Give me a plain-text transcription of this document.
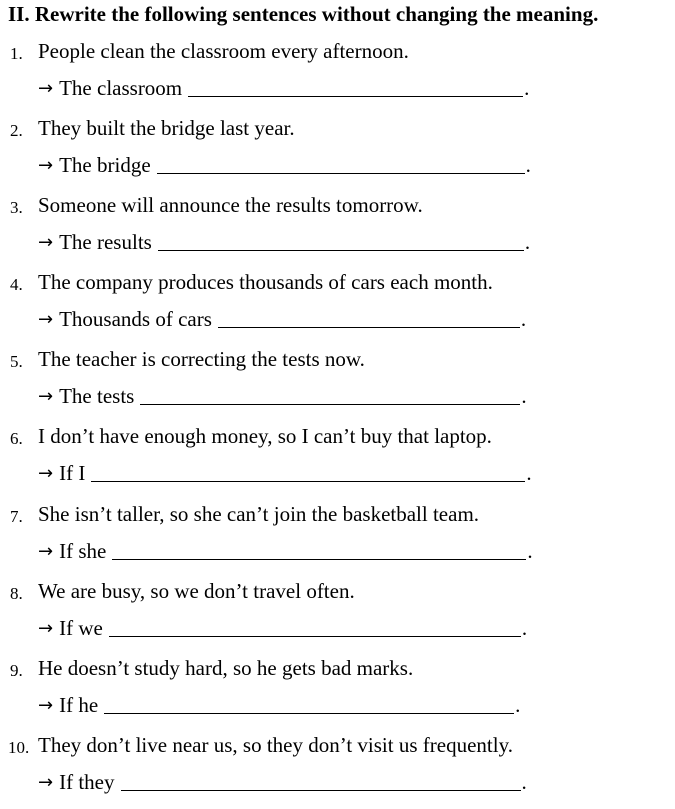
II. Rewrite the following sentences without changing the meaning.
1. People clean the classroom every afternoon.
→ The classroom	.
2. They built the bridge last year.
→ The bridge	.
3. Someone will announce the results tomorrow.
→ The results	.
4. The company produces thousands of cars each month.
→ Thousands of cars	.
5. The teacher is correcting the tests now.
→ The tests	.
6. I don’t have enough money, so I can’t buy that laptop.
→ If I	.
7. She isn’t taller, so she can’t join the basketball team.
→ If she	.
8. We are busy, so we don’t travel often.
→ If we	.
9. He doesn’t study hard, so he gets bad marks.
→ If he	.
10. They don’t live near us, so they don’t visit us frequently.
→ If they	.
